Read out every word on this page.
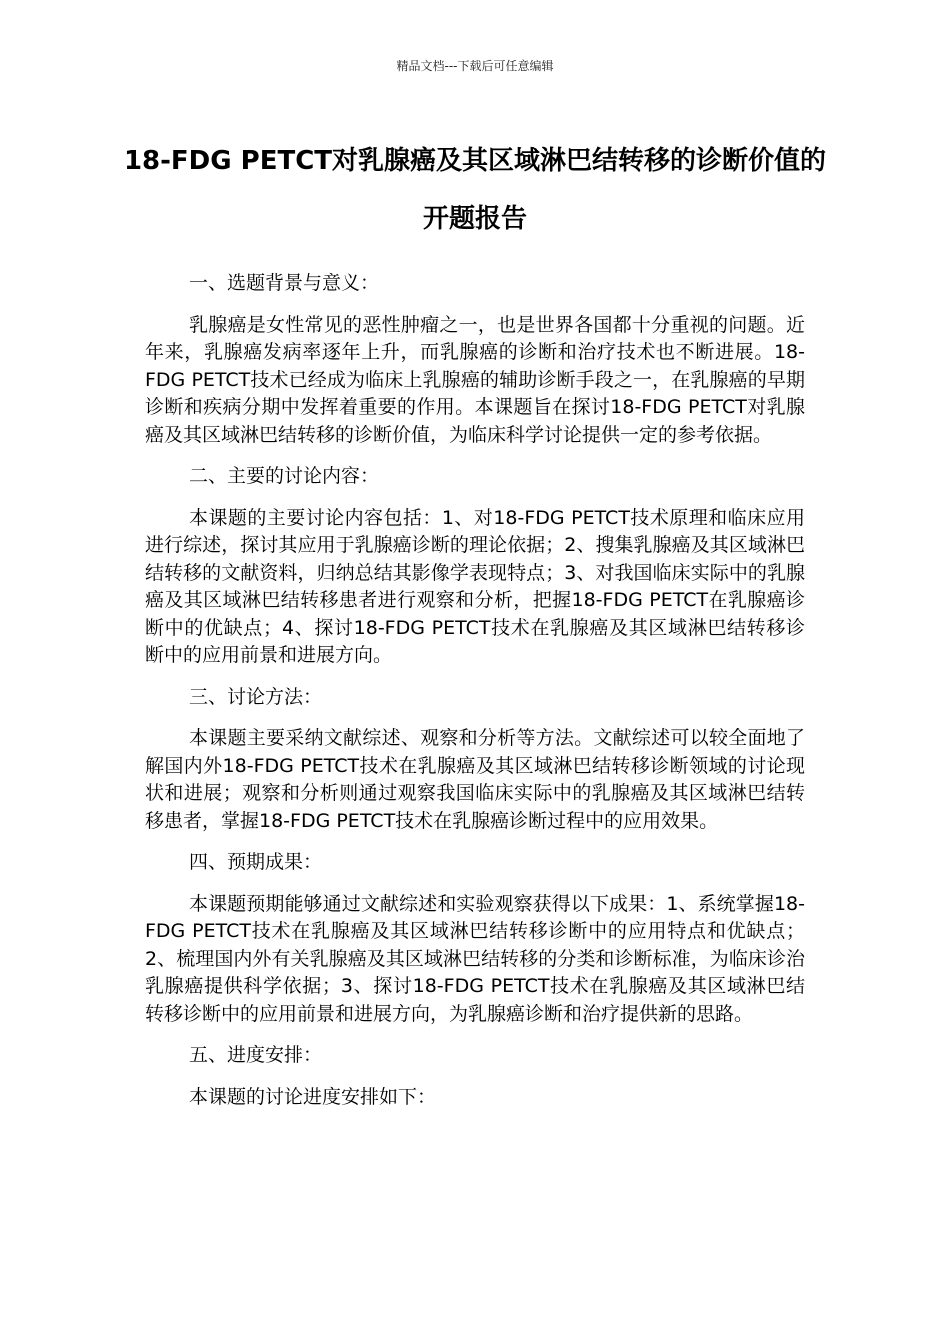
精品文档---下载后可任意编辑
18-FDG PETCT对乳腺癌及其区域淋巴结转移的诊断价值的开题报告

一、选题背景与意义：

乳腺癌是女性常见的恶性肿瘤之一，也是世界各国都十分重视的问题。近年来，乳腺癌发病率逐年上升，而乳腺癌的诊断和治疗技术也不断进展。18-FDG PETCT技术已经成为临床上乳腺癌的辅助诊断手段之一，在乳腺癌的早期诊断和疾病分期中发挥着重要的作用。本课题旨在探讨18-FDG PETCT对乳腺癌及其区域淋巴结转移的诊断价值，为临床科学讨论提供一定的参考依据。

二、主要的讨论内容：

本课题的主要讨论内容包括：1、对18-FDG PETCT技术原理和临床应用进行综述，探讨其应用于乳腺癌诊断的理论依据；2、搜集乳腺癌及其区域淋巴结转移的文献资料，归纳总结其影像学表现特点；3、对我国临床实际中的乳腺癌及其区域淋巴结转移患者进行观察和分析，把握18-FDG PETCT在乳腺癌诊断中的优缺点；4、探讨18-FDG PETCT技术在乳腺癌及其区域淋巴结转移诊断中的应用前景和进展方向。

三、讨论方法：

本课题主要采纳文献综述、观察和分析等方法。文献综述可以较全面地了解国内外18-FDG PETCT技术在乳腺癌及其区域淋巴结转移诊断领域的讨论现状和进展；观察和分析则通过观察我国临床实际中的乳腺癌及其区域淋巴结转移患者，掌握18-FDG PETCT技术在乳腺癌诊断过程中的应用效果。

四、预期成果：

本课题预期能够通过文献综述和实验观察获得以下成果：1、系统掌握18-FDG PETCT技术在乳腺癌及其区域淋巴结转移诊断中的应用特点和优缺点；2、梳理国内外有关乳腺癌及其区域淋巴结转移的分类和诊断标准，为临床诊治乳腺癌提供科学依据；3、探讨18-FDG PETCT技术在乳腺癌及其区域淋巴结转移诊断中的应用前景和进展方向，为乳腺癌诊断和治疗提供新的思路。

五、进度安排：

本课题的讨论进度安排如下：
